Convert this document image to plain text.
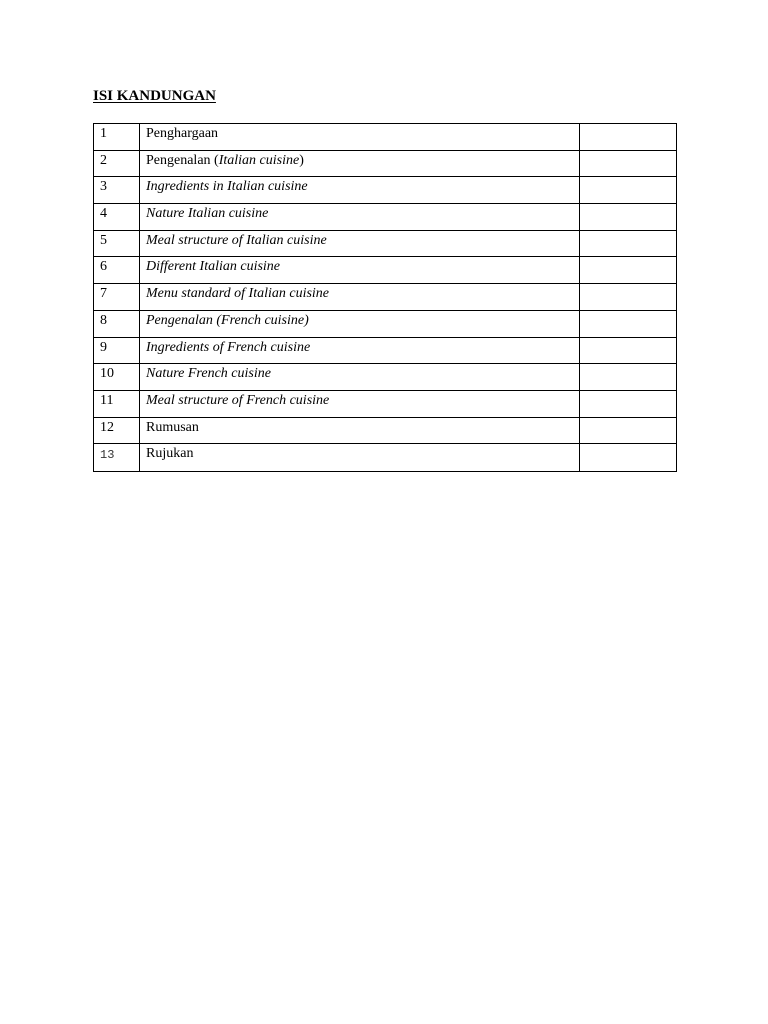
ISI KANDUNGAN
1	Penghargaan	
2	Pengenalan (Italian cuisine)	
3	Ingredients in Italian cuisine	
4	Nature Italian cuisine	
5	Meal structure of Italian cuisine	
6	Different Italian cuisine	
7	Menu standard of Italian cuisine	
8	Pengenalan (French cuisine)	
9	Ingredients of French cuisine	
10	Nature French cuisine	
11	Meal structure of French cuisine	
12	Rumusan	
13	Rujukan	
